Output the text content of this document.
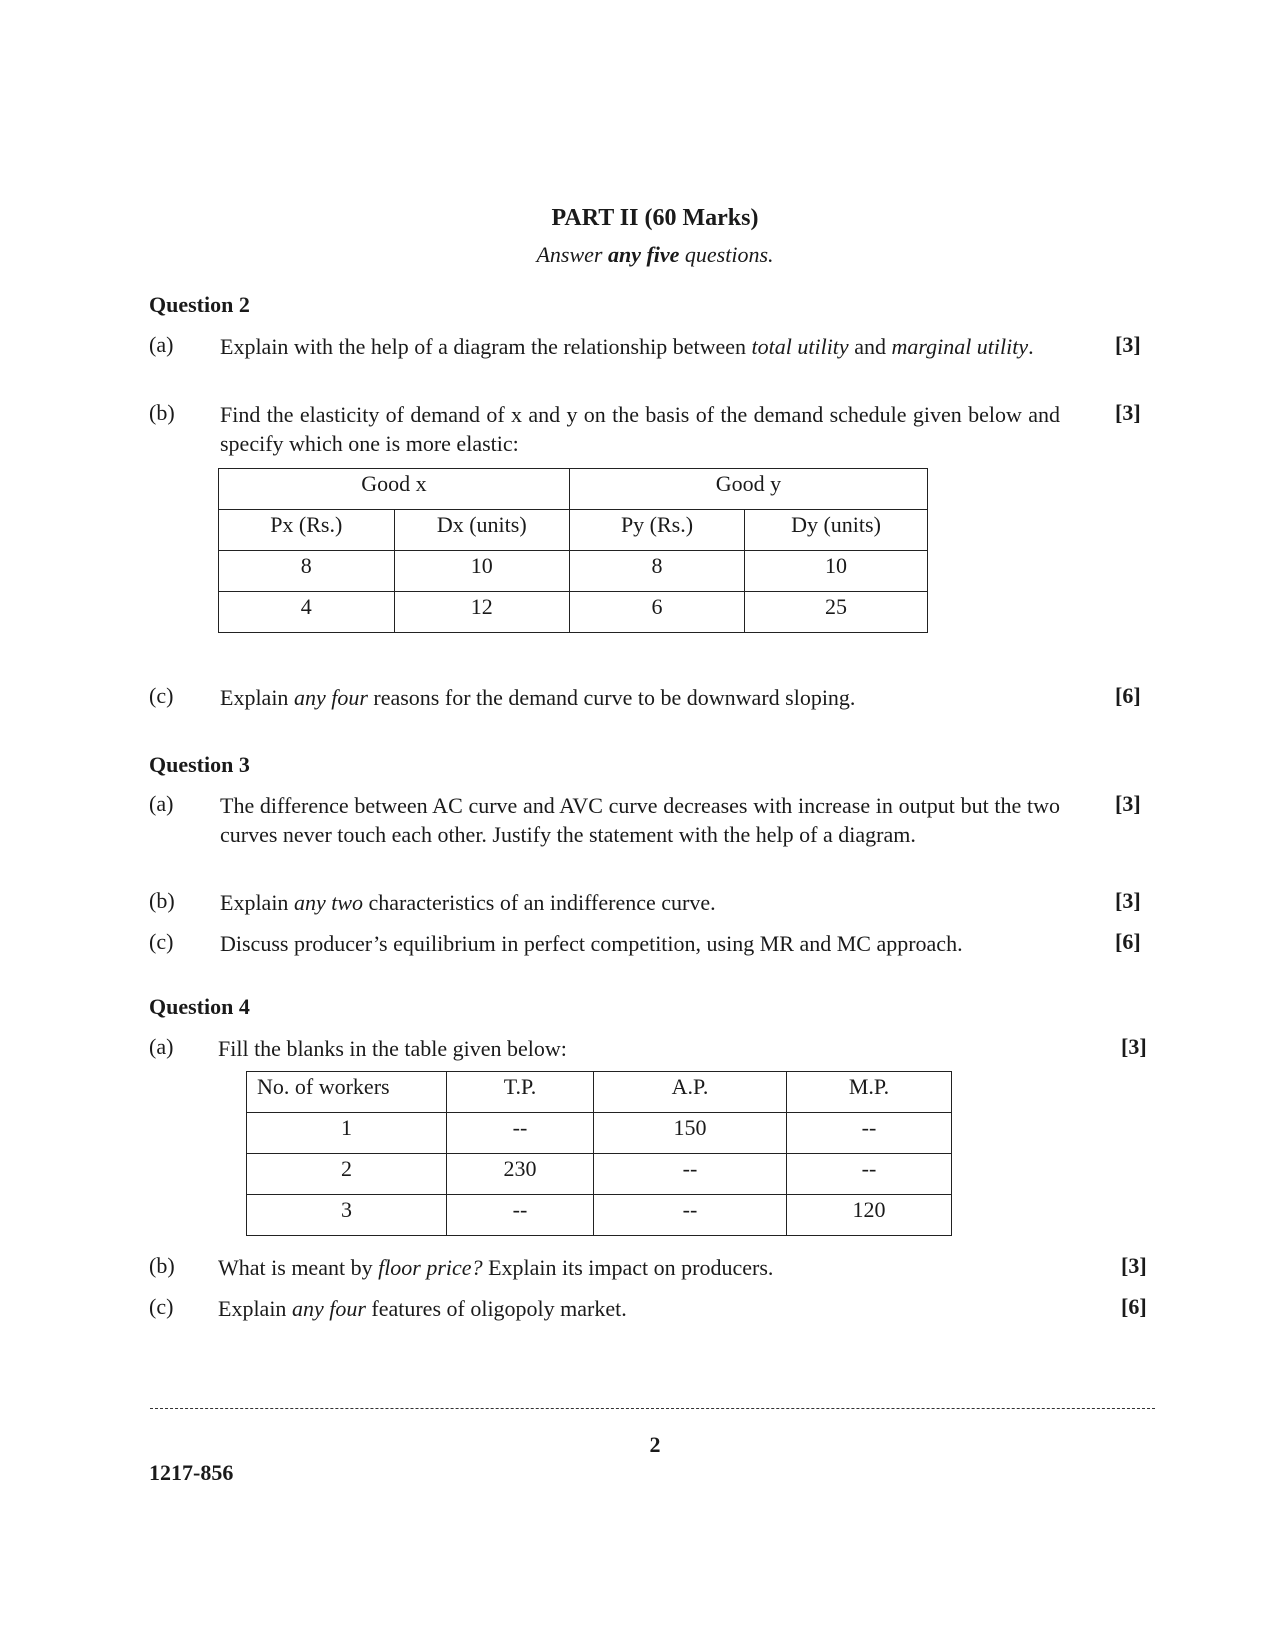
PART II (60 Marks)
Answer any five questions.
Question 2
(a) Explain with the help of a diagram the relationship between total utility and marginal utility.	[3]
(b) Find the elasticity of demand of x and y on the basis of the demand schedule given below and specify which one is more elastic:
[3]
Good x		Good y	
Px (Rs.)	Dx (units)	Py (Rs.)	Dy (units)
8	10	8	10
4	12	6	25
(c) Explain any four reasons for the demand curve to be downward sloping.	[6]
Question 3
(a) The difference between AC curve and AVC curve decreases with increase in output but the two curves never touch each other. Justify the statement with the help of a diagram.
[3]
(b) Explain any two characteristics of an indifference curve.	[3]
(c) Discuss producer’s equilibrium in perfect competition, using MR and MC approach.	[6]
Question 4
(a) Fill the blanks in the table given below:	[3]
No. of workers	T.P.	A.P.	M.P.
1	--	150	--
2	230	--	--
3	--	--	120
(b) What is meant by floor price? Explain its impact on producers.	[3]
(c) Explain any four features of oligopoly market.	[6]
2
1217-856
